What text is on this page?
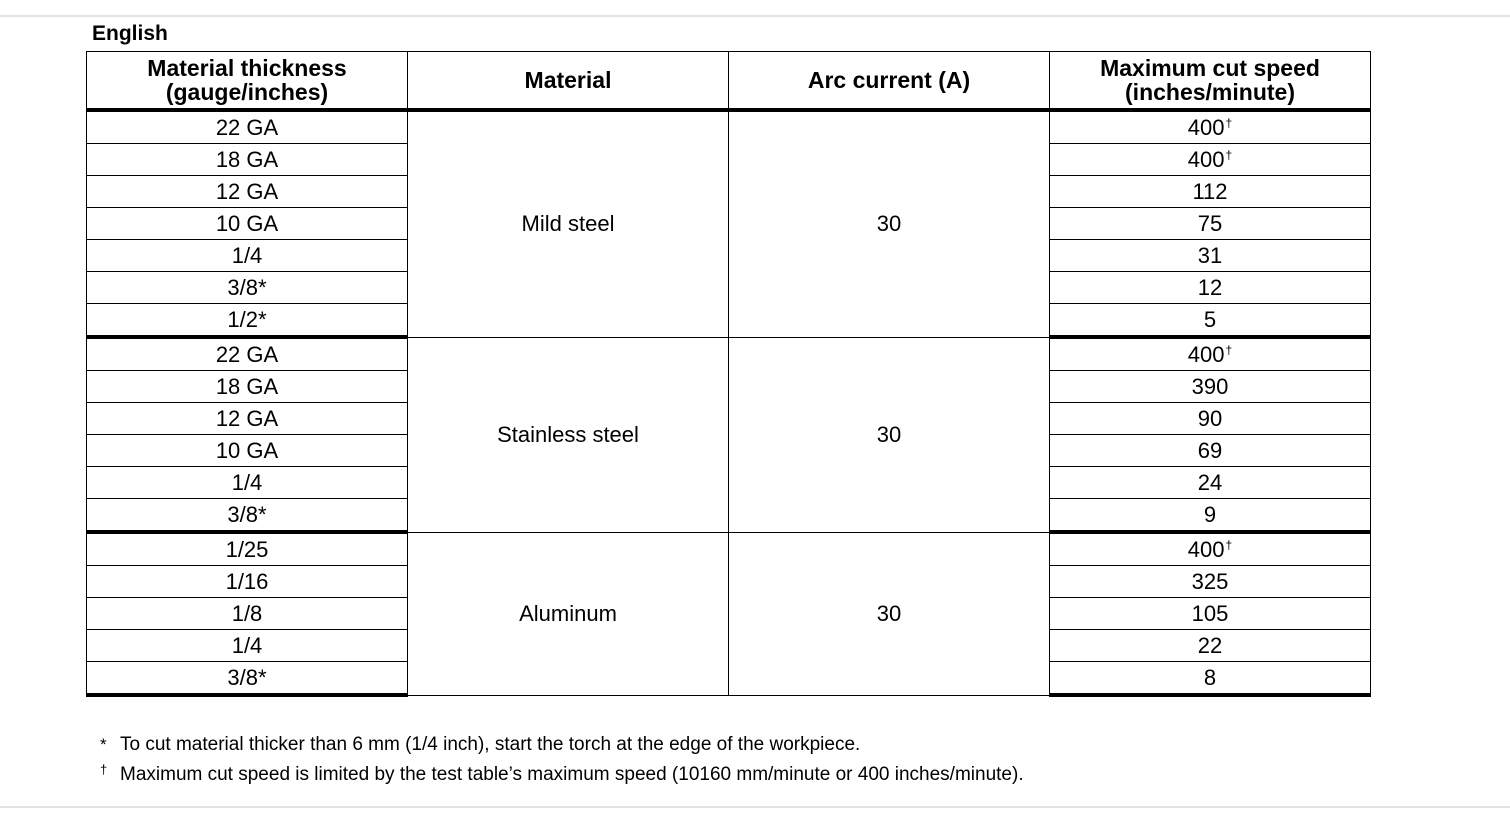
English
Material thickness (gauge/inches)	Material	Arc current (A)	Maximum cut speed (inches/minute)
22 GA	Mild steel	30	400†
18 GA			400†
12 GA			112
10 GA			75
1/4			31
3/8*			12
1/2*			5
22 GA	Stainless steel	30	400†
18 GA			390
12 GA			90
10 GA			69
1/4			24
3/8*			9
1/25	Aluminum	30	400†
1/16			325
1/8			105
1/4			22
3/8*			8
* To cut material thicker than 6 mm (1/4 inch), start the torch at the edge of the workpiece.
† Maximum cut speed is limited by the test table’s maximum speed (10160 mm/minute or 400 inches/minute).
